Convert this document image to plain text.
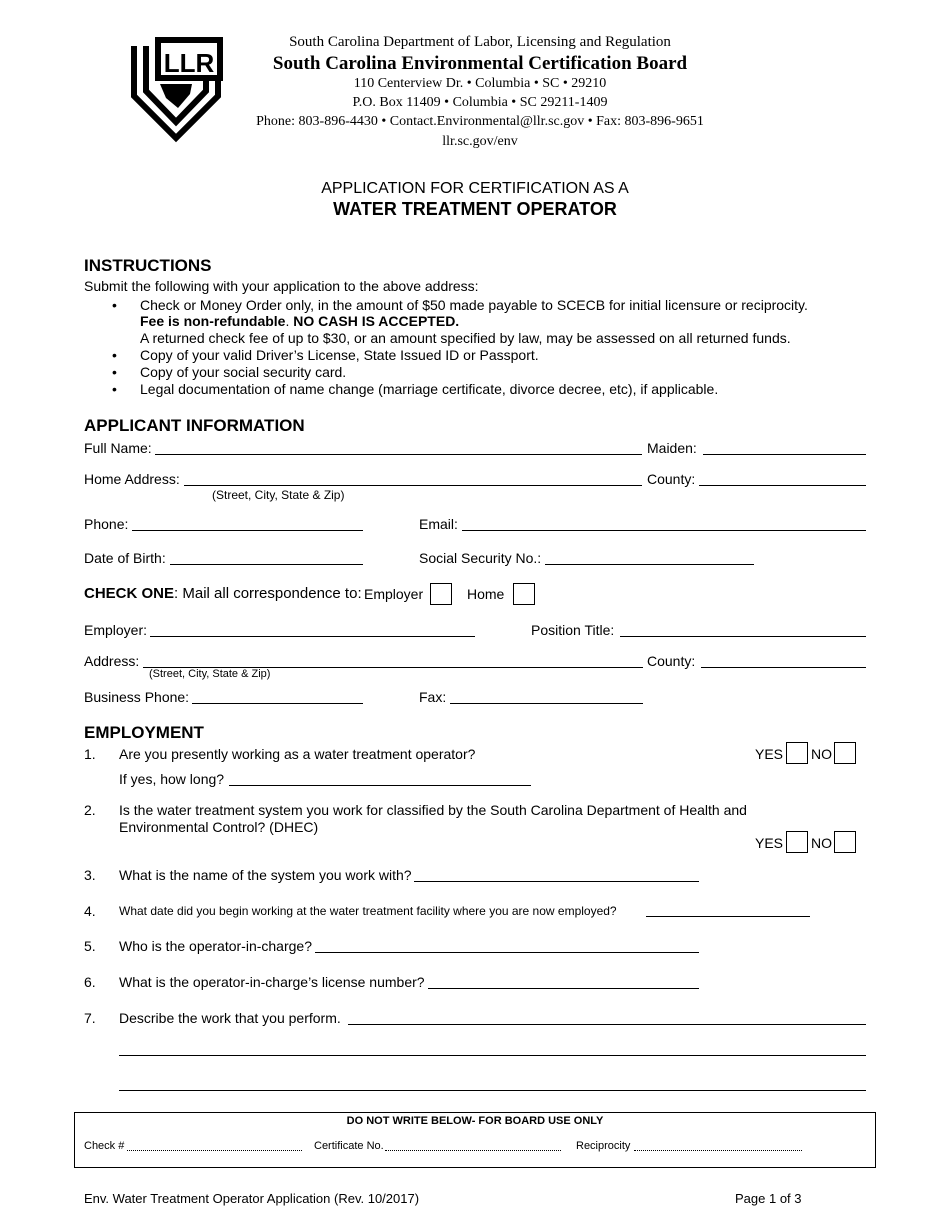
LLR
South Carolina Department of Labor, Licensing and Regulation
South Carolina Environmental Certification Board
110 Centerview Dr. • Columbia • SC • 29210
P.O. Box 11409 • Columbia • SC 29211-1409
Phone: 803-896-4430 • Contact.Environmental@llr.sc.gov • Fax: 803-896-9651
llr.sc.gov/env
APPLICATION FOR CERTIFICATION AS A
WATER TREATMENT OPERATOR
INSTRUCTIONS
Submit the following with your application to the above address:
• Check or Money Order only, in the amount of $50 made payable to SCECB for initial licensure or reciprocity.
Fee is non-refundable. NO CASH IS ACCEPTED.
A returned check fee of up to $30, or an amount specified by law, may be assessed on all returned funds.
• Copy of your valid Driver’s License, State Issued ID or Passport.
• Copy of your social security card.
• Legal documentation of name change (marriage certificate, divorce decree, etc), if applicable.
APPLICANT INFORMATION
Full Name:	Maiden:
Home Address:
(Street, City, State & Zip)
County:
Phone:	Email:
Date of Birth:	Social Security No.:
CHECK ONE: Mail all correspondence to: Employer	Home
Employer:	Position Title:
Address:
(Street, City, State & Zip)
County:
Business Phone:	Fax:
EMPLOYMENT
1. Are you presently working as a water treatment operator?	YES NO
If yes, how long?
2. Is the water treatment system you work for classified by the South Carolina Department of Health and
Environmental Control? (DHEC)
YES NO
3. What is the name of the system you work with?
4. What date did you begin working at the water treatment facility where you are now employed?
5. Who is the operator-in-charge?
6. What is the operator-in-charge’s license number?
7. Describe the work that you perform.
DO NOT WRITE BELOW- FOR BOARD USE ONLY
Check #	Certificate No.	Reciprocity
Env. Water Treatment Operator Application (Rev. 10/2017)	Page 1 of 3
